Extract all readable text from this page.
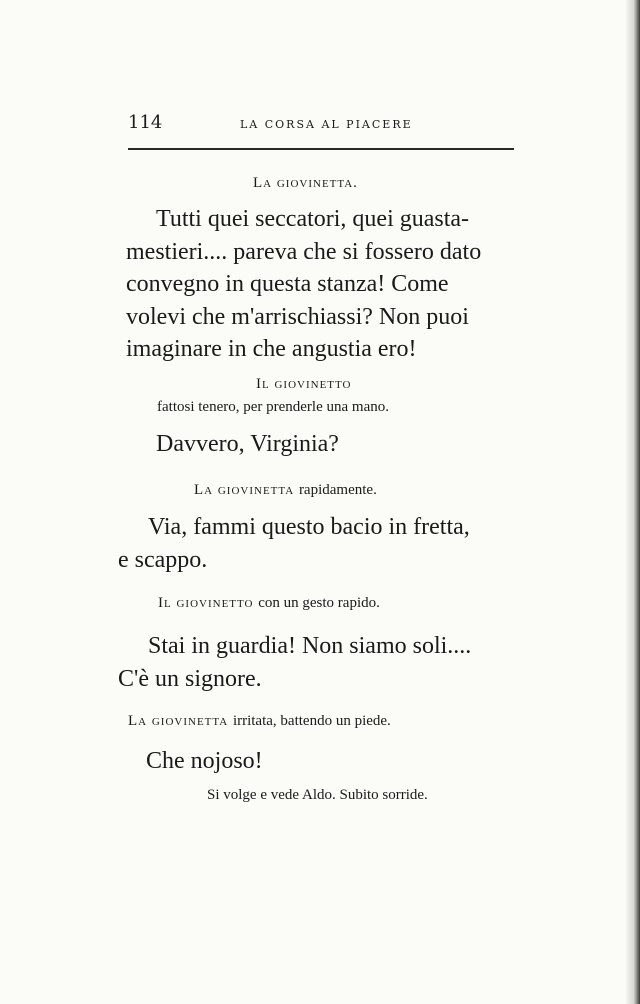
114	LA CORSA AL PIACERE
La giovinetta.
Tutti quei seccatori, quei guasta-
mestieri.... pareva che si fossero dato
convegno in questa stanza! Come
volevi che m'arrischiassi? Non puoi
imaginare in che angustia ero!
Il giovinetto
fattosi tenero, per prenderle una mano.
Davvero, Virginia?
La giovinetta rapidamente.
Via, fammi questo bacio in fretta,
e scappo.
Il giovinetto con un gesto rapido.
Stai in guardia! Non siamo soli....
C'è un signore.
La giovinetta irritata, battendo un piede.
Che nojoso!
Si volge e vede Aldo. Subito sorride.
